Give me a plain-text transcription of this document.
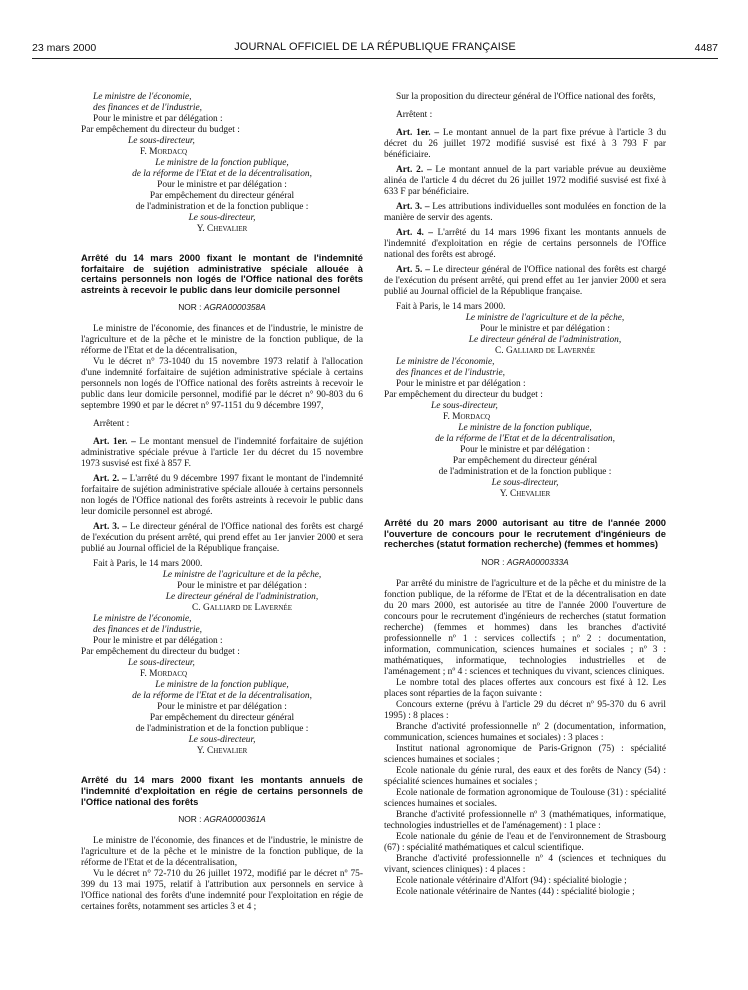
23 mars 2000	JOURNAL OFFICIEL DE LA RÉPUBLIQUE FRANÇAISE	4487

Le ministre de l'économie,

des finances et de l'industrie,

Pour le ministre et par délégation :

Par empêchement du directeur du budget :

Le sous-directeur,

F. Mordacq

Le ministre de la fonction publique,

de la réforme de l'Etat et de la décentralisation,

Pour le ministre et par délégation :

Par empêchement du directeur général

de l'administration et de la fonction publique :

Le sous-directeur,

Y. Chevalier

Arrêté du 14 mars 2000 fixant le montant de l'indemnité forfaitaire de sujétion administrative spéciale allouée à certains personnels non logés de l'Office national des forêts astreints à recevoir le public dans leur domicile personnel

NOR : AGRA0000358A

Le ministre de l'économie, des finances et de l'industrie, le ministre de l'agriculture et de la pêche et le ministre de la fonction publique, de la réforme de l'Etat et de la décentralisation,

Vu le décret n° 73-1040 du 15 novembre 1973 relatif à l'allocation d'une indemnité forfaitaire de sujétion administrative spéciale à certains personnels non logés de l'Office national des forêts astreints à recevoir le public dans leur domicile personnel, modifié par le décret n° 90-803 du 6 septembre 1990 et par le décret n° 97-1151 du 9 décembre 1997,

Arrêtent :

Art. 1er. – Le montant mensuel de l'indemnité forfaitaire de sujétion administrative spéciale prévue à l'article 1er du décret du 15 novembre 1973 susvisé est fixé à 857 F.

Art. 2. – L'arrêté du 9 décembre 1997 fixant le montant de l'indemnité forfaitaire de sujétion administrative spéciale allouée à certains personnels non logés de l'Office national des forêts astreints à recevoir le public dans leur domicile personnel est abrogé.

Art. 3. – Le directeur général de l'Office national des forêts est chargé de l'exécution du présent arrêté, qui prend effet au 1er janvier 2000 et sera publié au Journal officiel de la République française.

Fait à Paris, le 14 mars 2000.

Le ministre de l'agriculture et de la pêche,

Pour le ministre et par délégation :

Le directeur général de l'administration,

C. Galliard de Lavernée

Le ministre de l'économie,

des finances et de l'industrie,

Pour le ministre et par délégation :

Par empêchement du directeur du budget :

Le sous-directeur,

F. Mordacq

Le ministre de la fonction publique,

de la réforme de l'Etat et de la décentralisation,

Pour le ministre et par délégation :

Par empêchement du directeur général

de l'administration et de la fonction publique :

Le sous-directeur,

Y. Chevalier

Arrêté du 14 mars 2000 fixant les montants annuels de l'indemnité d'exploitation en régie de certains personnels de l'Office national des forêts

NOR : AGRA0000361A

Le ministre de l'économie, des finances et de l'industrie, le ministre de l'agriculture et de la pêche et le ministre de la fonction publique, de la réforme de l'Etat et de la décentralisation,

Vu le décret n° 72-710 du 26 juillet 1972, modifié par le décret nº 75-399 du 13 mai 1975, relatif à l'attribution aux personnels en service à l'Office national des forêts d'une indemnité pour l'exploitation en régie de certaines forêts, notamment ses articles 3 et 4 ;

Sur la proposition du directeur général de l'Office national des forêts,

Arrêtent :

Art. 1er. – Le montant annuel de la part fixe prévue à l'article 3 du décret du 26 juillet 1972 modifié susvisé est fixé à 3 793 F par bénéficiaire.

Art. 2. – Le montant annuel de la part variable prévue au deuxième alinéa de l'article 4 du décret du 26 juillet 1972 modifié susvisé est fixé à 633 F par bénéficiaire.

Art. 3. – Les attributions individuelles sont modulées en fonction de la manière de servir des agents.

Art. 4. – L'arrêté du 14 mars 1996 fixant les montants annuels de l'indemnité d'exploitation en régie de certains personnels de l'Office national des forêts est abrogé.

Art. 5. – Le directeur général de l'Office national des forêts est chargé de l'exécution du présent arrêté, qui prend effet au 1er janvier 2000 et sera publié au Journal officiel de la République française.

Fait à Paris, le 14 mars 2000.

Le ministre de l'agriculture et de la pêche,

Pour le ministre et par délégation :

Le directeur général de l'administration,

C. Galliard de Lavernée

Le ministre de l'économie,

des finances et de l'industrie,

Pour le ministre et par délégation :

Par empêchement du directeur du budget :

Le sous-directeur,

F. Mordacq

Le ministre de la fonction publique,

de la réforme de l'Etat et de la décentralisation,

Pour le ministre et par délégation :

Par empêchement du directeur général

de l'administration et de la fonction publique :

Le sous-directeur,

Y. Chevalier

Arrêté du 20 mars 2000 autorisant au titre de l'année 2000 l'ouverture de concours pour le recrutement d'ingénieurs de recherches (statut formation recherche) (femmes et hommes)

NOR : AGRA0000333A

Par arrêté du ministre de l'agriculture et de la pêche et du ministre de la fonction publique, de la réforme de l'Etat et de la décentralisation en date du 20 mars 2000, est autorisée au titre de l'année 2000 l'ouverture de concours pour le recrutement d'ingénieurs de recherches (statut formation recherche) (femmes et hommes) dans les branches d'activité professionnelle nº 1 : services collectifs ; nº 2 : documentation, information, communication, sciences humaines et sociales ; nº 3 : mathématiques, informatique, technologies industrielles et de l'aménagement ; nº 4 : sciences et techniques du vivant, sciences cliniques.

Le nombre total des places offertes aux concours est fixé à 12. Les places sont réparties de la façon suivante :

Concours externe (prévu à l'article 29 du décret nº 95-370 du 6 avril 1995) : 8 places :

Branche d'activité professionnelle nº 2 (documentation, information, communication, sciences humaines et sociales) : 3 places :

Institut national agronomique de Paris-Grignon (75) : spécialité sciences humaines et sociales ;

Ecole nationale du génie rural, des eaux et des forêts de Nancy (54) : spécialité sciences humaines et sociales ;

Ecole nationale de formation agronomique de Toulouse (31) : spécialité sciences humaines et sociales.

Branche d'activité professionnelle nº 3 (mathématiques, informatique, technologies industrielles et de l'aménagement) : 1 place :

Ecole nationale du génie de l'eau et de l'environnement de Strasbourg (67) : spécialité mathématiques et calcul scientifique.

Branche d'activité professionnelle nº 4 (sciences et techniques du vivant, sciences cliniques) : 4 places :

Ecole nationale vétérinaire d'Alfort (94) : spécialité biologie ;

Ecole nationale vétérinaire de Nantes (44) : spécialité biologie ;
